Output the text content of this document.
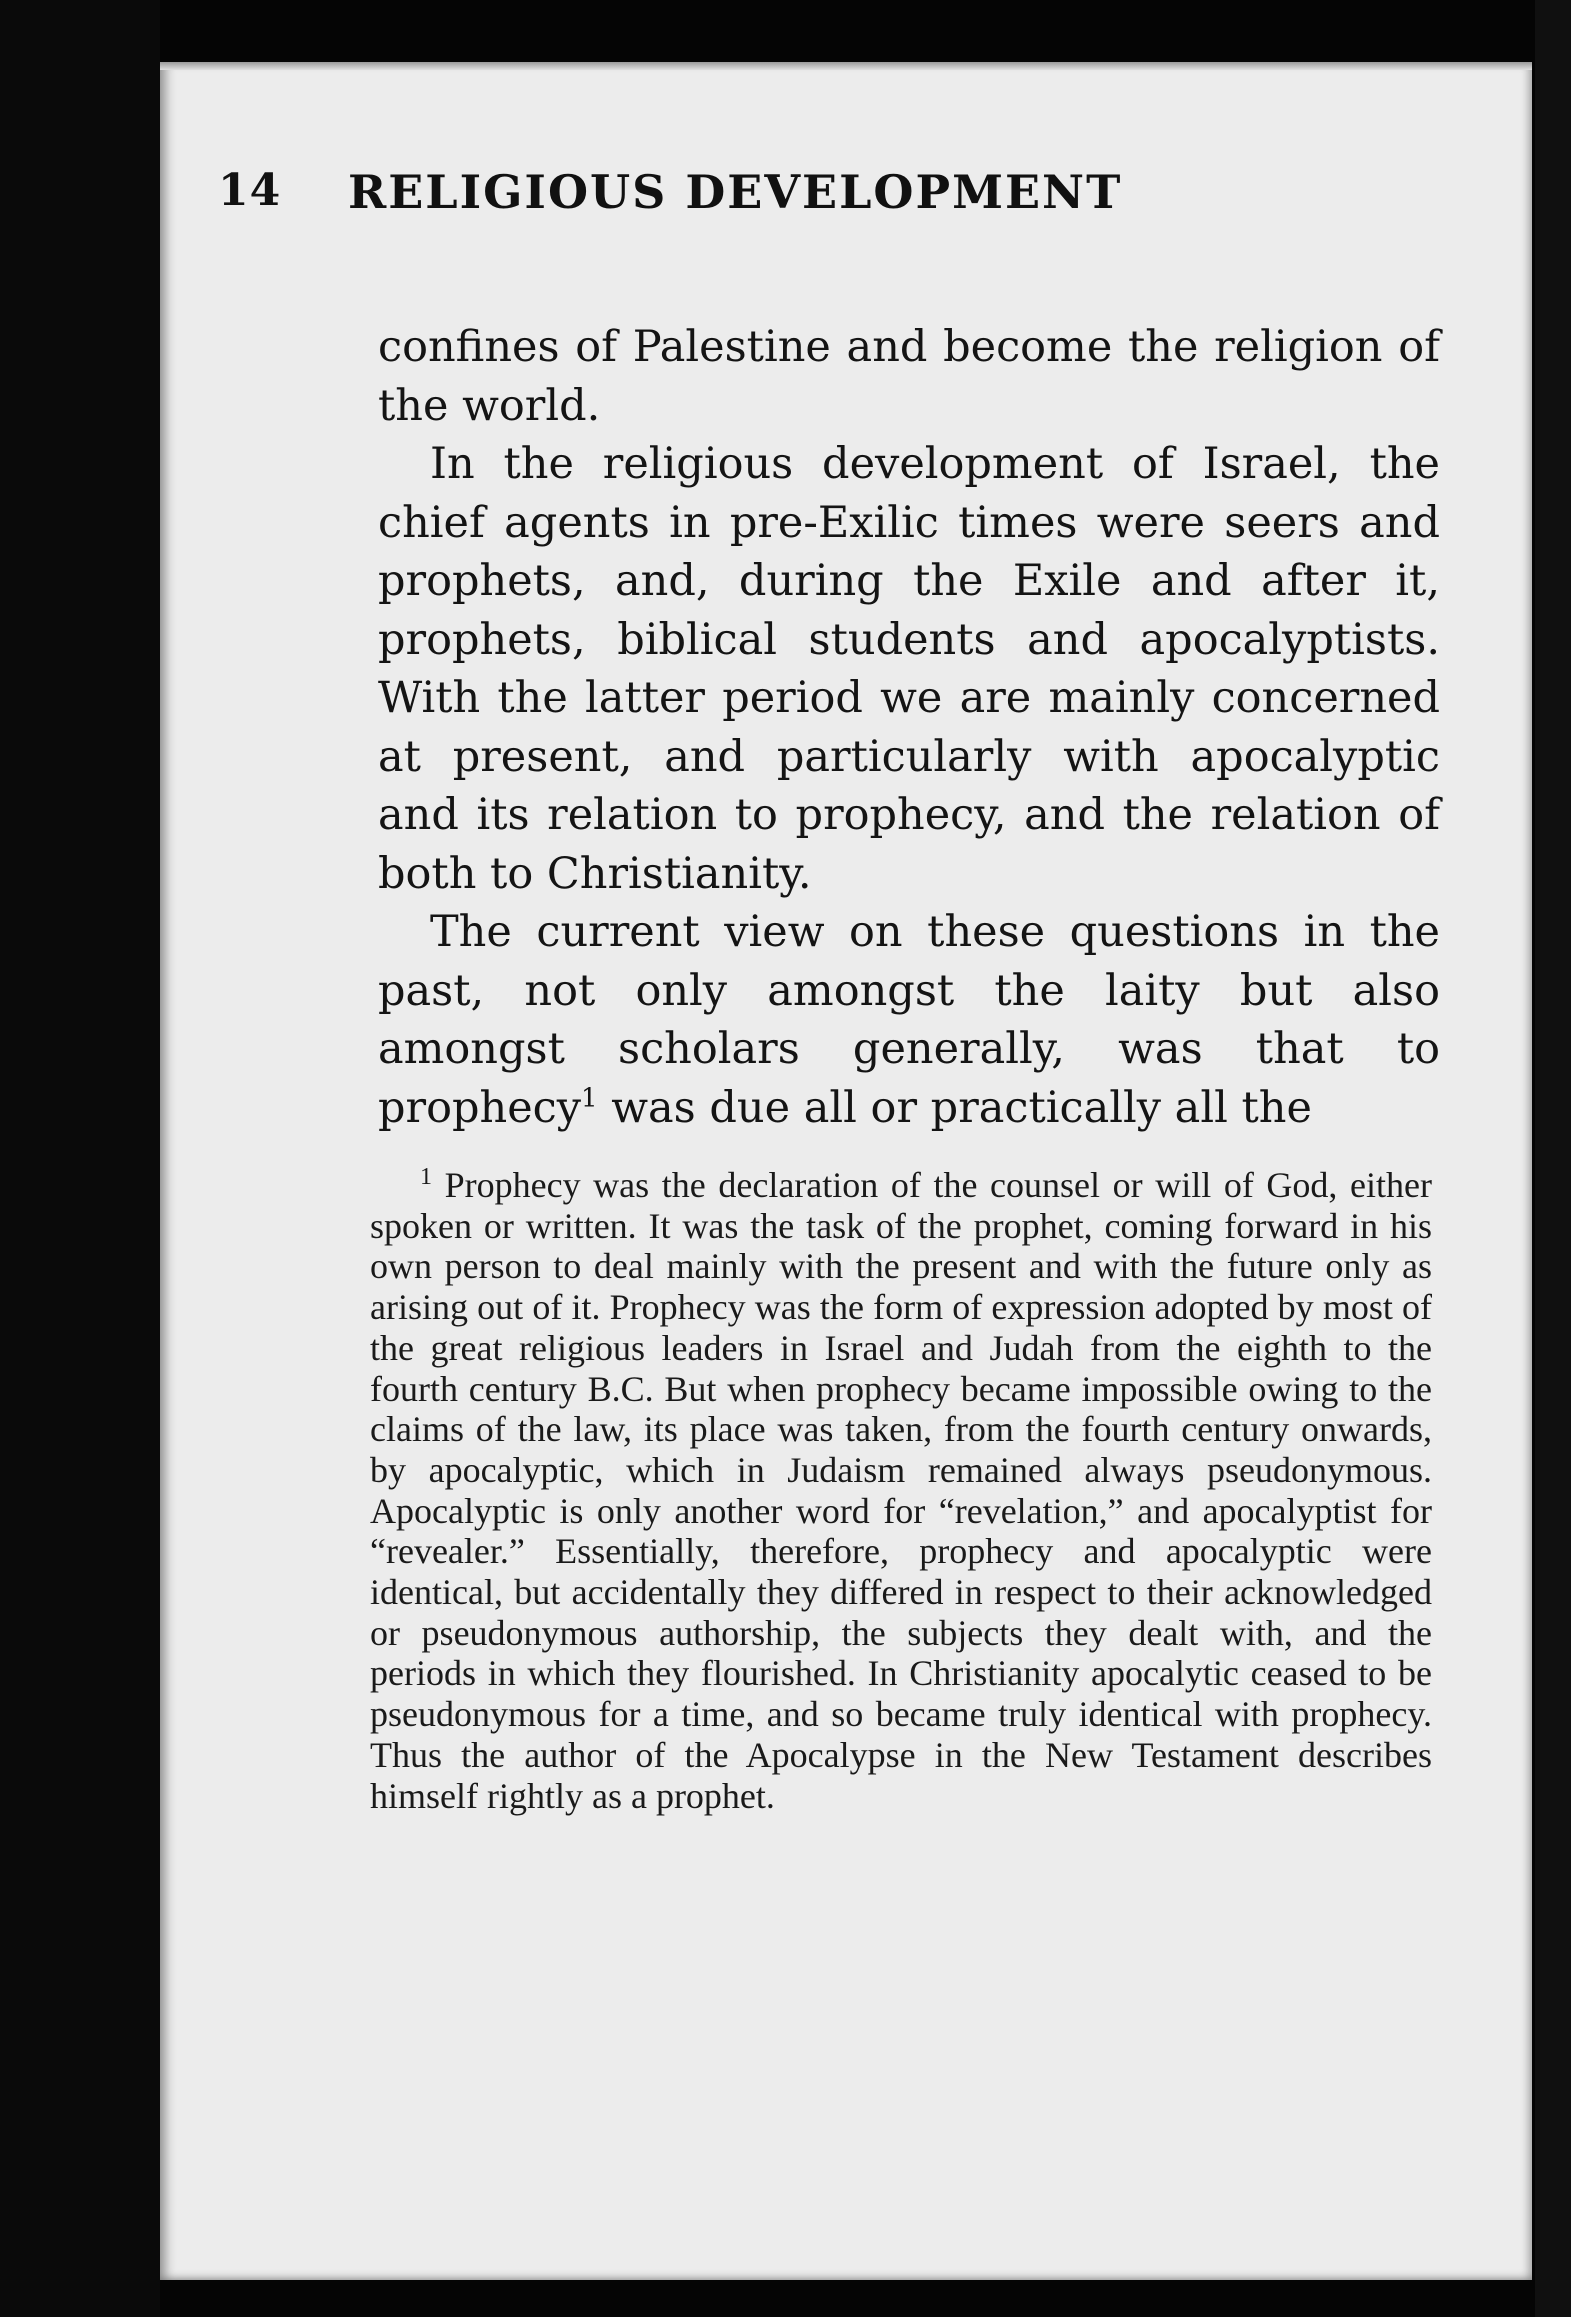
14 RELIGIOUS DEVELOPMENT

confines of Palestine and become the religion of the world.

In the religious development of Israel, the chief agents in pre-Exilic times were seers and prophets, and, during the Exile and after it, prophets, biblical students and apocalyptists. With the latter period we are mainly concerned at present, and particularly with apocalyptic and its relation to prophecy, and the relation of both to Christianity.

The current view on these questions in the past, not only amongst the laity but also amongst scholars generally, was that to prophecy$^1$ was due all or practically all the

$^1$ Prophecy was the declaration of the counsel or will of God, either spoken or written. It was the task of the prophet, coming forward in his own person to deal mainly with the present and with the future only as arising out of it. Prophecy was the form of expression adopted by most of the great religious leaders in Israel and Judah from the eighth to the fourth century B.C. But when prophecy became impossible owing to the claims of the law, its place was taken, from the fourth century onwards, by apocalyptic, which in Judaism remained always pseudonymous. Apocalyptic is only another word for “revelation,” and apocalyptist for “revealer.” Essentially, therefore, prophecy and apocalyptic were identical, but accidentally they differed in respect to their acknowledged or pseudonymous authorship, the subjects they dealt with, and the periods in which they flourished. In Christianity apocalytic ceased to be pseudonymous for a time, and so became truly identical with prophecy. Thus the author of the Apocalypse in the New Testament describes himself rightly as a prophet.
